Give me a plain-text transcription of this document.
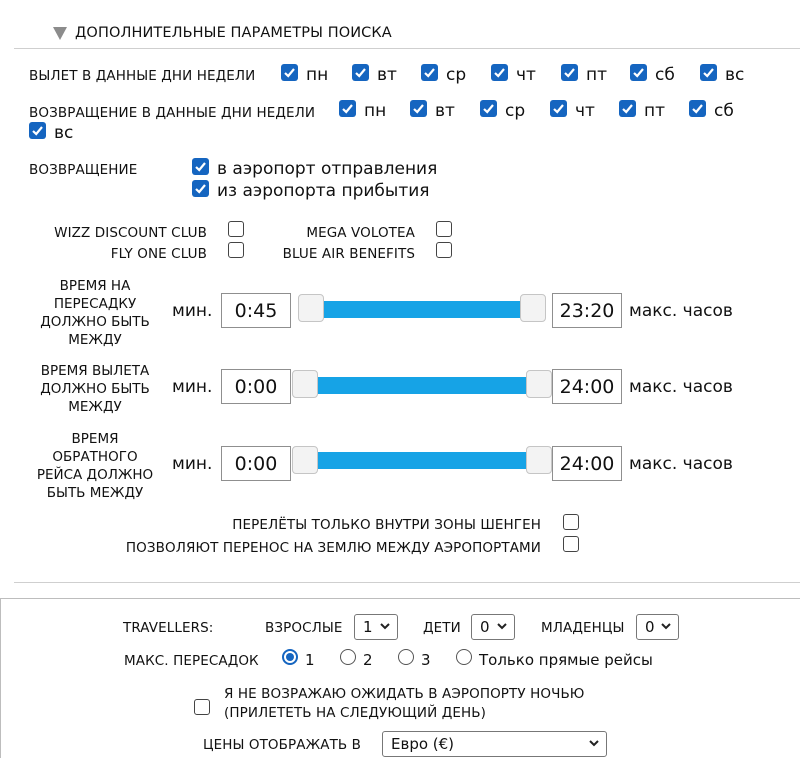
ДОПОЛНИТЕЛЬНЫЕ ПАРАМЕТРЫ ПОИСКА
ВЫЛЕТ В ДАННЫЕ ДНИ НЕДЕЛИ	пн	вт	ср	чт	пт	сб	вс
ВОЗВРАЩЕНИЕ В ДАННЫЕ ДНИ НЕДЕЛИ	пн	вт	ср	чт	пт	сб
вс
ВОЗВРАЩЕНИЕ	в аэропорт отправления
из аэропорта прибытия
WIZZ DISCOUNT CLUB	MEGA VOLOTEA
FLY ONE CLUB	BLUE AIR BENEFITS
ВРЕМЯ НА
ПЕРЕСАДКУ
ДОЛЖНО БЫТЬ
МЕЖДУ
мин.	0:45	23:20 макс. часов
ВРЕМЯ ВЫЛЕТА
ДОЛЖНО БЫТЬ
МЕЖДУ
мин.	0:00	24:00 макс. часов
ВРЕМЯ
ОБРАТНОГО
РЕЙСА ДОЛЖНО
БЫТЬ МЕЖДУ
мин.	0:00	24:00 макс. часов
ПЕРЕЛЁТЫ ТОЛЬКО ВНУТРИ ЗОНЫ ШЕНГЕН
ПОЗВОЛЯЮТ ПЕРЕНОС НА ЗЕМЛЮ МЕЖДУ АЭРОПОРТАМИ
TRAVELLERS:	ВЗРОСЛЫЕ 1	ДЕТИ 0	МЛАДЕНЦЫ 0
МАКС. ПЕРЕСАДОК	1	2	3	Только прямые рейсы
Я НЕ ВОЗРАЖАЮ ОЖИДАТЬ В АЭРОПОРТУ НОЧЬЮ
(ПРИЛЕТЕТЬ НА СЛЕДУЮЩИЙ ДЕНЬ)
ЦЕНЫ ОТОБРАЖАТЬ В Евро (€)
